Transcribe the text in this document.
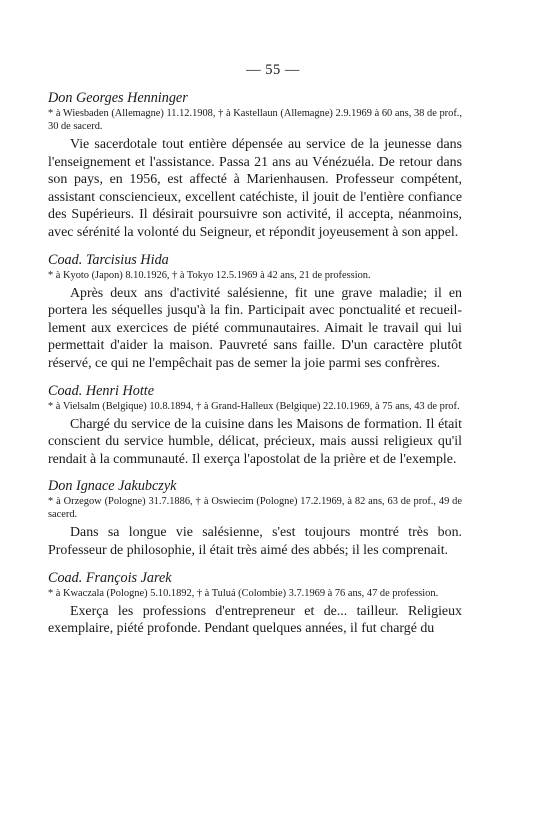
— 55 —

Don Georges Henninger

* à Wiesbaden (Allemagne) 11.12.1908, † à Kastellaun (Allemagne) 2.9.1969 à 60 ans, 38 de prof., 30 de sacerd.

Vie sacerdotale tout entière dépensée au service de la jeunesse dans l'enseignement et l'assistance. Passa 21 ans au Vénézuéla. De retour dans son pays, en 1956, est affecté à Marienhausen. Professeur compétent, assistant consciencieux, excellent catéchiste, il jouit de l'entière confiance des Supérieurs. Il désirait poursuivre son activité, il accepta, néanmoins, avec sérénité la volonté du Seigneur, et répondit joyeusement à son appel.

Coad. Tarcisius Hida

* à Kyoto (Japon) 8.10.1926, † à Tokyo 12.5.1969 à 42 ans, 21 de profession.

Après deux ans d'activité salésienne, fit une grave maladie; il en portera les séquelles jusqu'à la fin. Participait avec ponctualité et recueillement aux exercices de piété communautaires. Aimait le travail qui lui permettait d'aider la maison. Pauvreté sans faille. D'un caractère plutôt réservé, ce qui ne l'empêchait pas de semer la joie parmi ses confrères.

Coad. Henri Hotte

* à Vielsalm (Belgique) 10.8.1894, † à Grand-Halleux (Belgique) 22.10.1969, à 75 ans, 43 de prof.

Chargé du service de la cuisine dans les Maisons de formation. Il était conscient du service humble, délicat, précieux, mais aussi religieux qu'il rendait à la communauté. Il exerça l'apostolat de la prière et de l'exemple.

Don Ignace Jakubczyk

* à Orzegow (Pologne) 31.7.1886, † à Oswiecim (Pologne) 17.2.1969, à 82 ans, 63 de prof., 49 de sacerd.

Dans sa longue vie salésienne, s'est toujours montré très bon. Professeur de philosophie, il était très aimé des abbés; il les comprenait.

Coad. François Jarek

* à Kwaczala (Pologne) 5.10.1892, † à Tuluá (Colombie) 3.7.1969 à 76 ans, 47 de profession.

Exerça les professions d'entrepreneur et de... tailleur. Religieux exemplaire, piété profonde. Pendant quelques années, il fut chargé du
